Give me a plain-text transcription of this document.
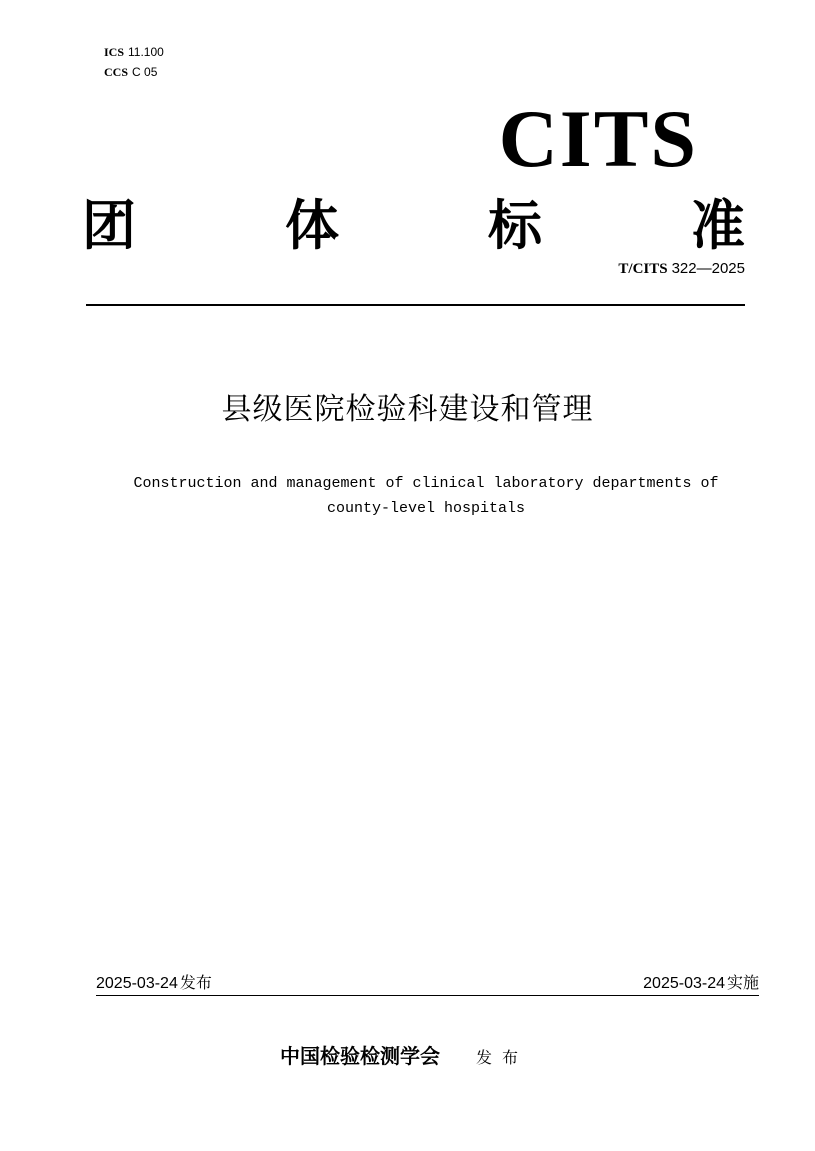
ICS 11.100
CCS C 05
CITS
团	体	标	准
T/CITS 322—2025
县级医院检验科建设和管理
Construction and management of clinical laboratory departments of county-level hospitals
2025-03-24 发布	2025-03-24 实施
中国检验检测学会 发布
